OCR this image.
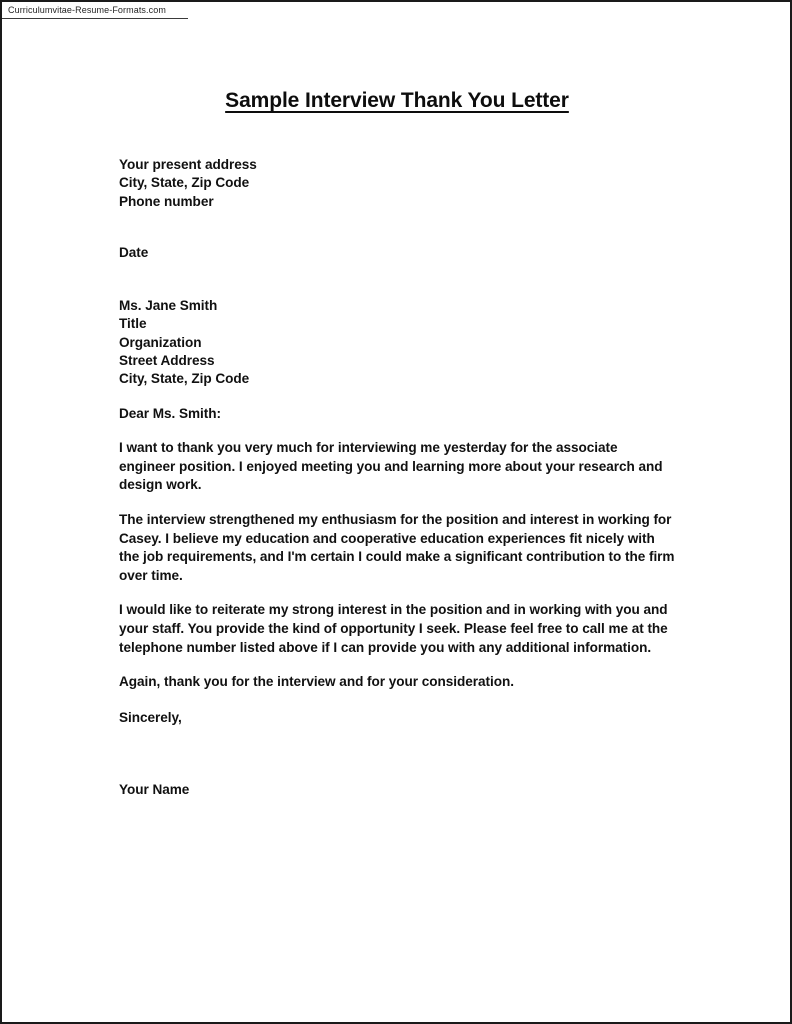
Curriculumvitae-Resume-Formats.com
Sample Interview Thank You Letter
Your present address
City, State, Zip Code
Phone number
Date
Ms. Jane Smith
Title
Organization
Street Address
City, State, Zip Code

Dear Ms. Smith:

I want to thank you very much for interviewing me yesterday for the associate engineer position. I enjoyed meeting you and learning more about your research and design work.

The interview strengthened my enthusiasm for the position and interest in working for Casey. I believe my education and cooperative education experiences fit nicely with the job requirements, and I'm certain I could make a significant contribution to the firm over time.

I would like to reiterate my strong interest in the position and in working with you and your staff. You provide the kind of opportunity I seek. Please feel free to call me at the telephone number listed above if I can provide you with any additional information.

Again, thank you for the interview and for your consideration.

Sincerely,

Your Name
